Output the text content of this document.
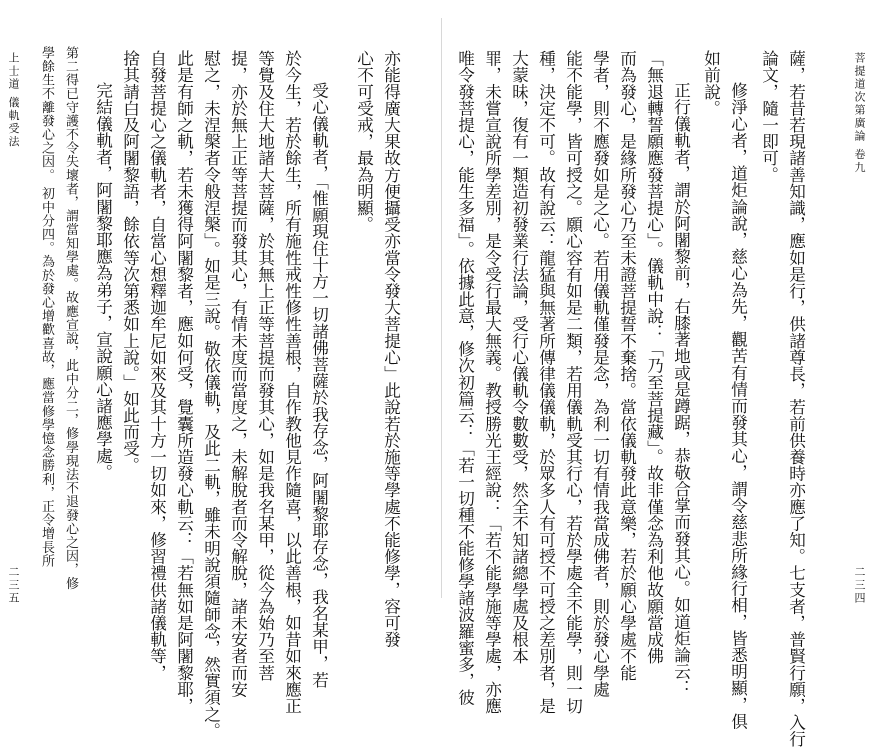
上士道 儀軌受法
二三五
學餘生不離發心之因。 初中分四。為於發心增歡喜故，應當修學憶念勝利，正令增長所 第二得已守護不令失壞者，謂當知學處。故應宣說，此中分二，修學現法不退發心之因，修 完結儀軌者，阿闍黎耶應為弟子，宣說願心諸應學處。 捨其請白及阿闍黎語，餘依等次第悉如上說。」如此而受。 自發菩提心之儀軌者，自當心想釋迦牟尼如來及其十方一切如來，修習禮供諸儀軌等， 此是有師之軌，若未獲得阿闍黎者，應如何受，覺囊所造發心軌云：「若無如是阿闍黎耶， 慰之，未涅槃者令般涅槃」。如是三說。敬依儀軌，及此二軌，雖未明說須隨師念，然實須之。 提，亦於無上正等菩提而發其心，有情未度而當度之，未解脫者而令解脫，諸未安者而安 等覺及住大地諸大菩薩，於其無上正等菩提而發其心，如是我名某甲，從今為始乃至菩 於今生，若於餘生，所有施性戒性修性善根，自作教他見作隨喜，以此善根，如昔如來應正 受心儀軌者，「惟願現住十方一切諸佛菩薩於我存念，阿闍黎耶存念，我名某甲，若 心不可受戒，最為明顯。 亦能得廣大果故方便攝受亦當令發大菩提心」此說若於施等學處不能修學，容可發	唯令發菩提心，能生多福」。依據此意，修次初篇云：「若一切種不能修學諸波羅蜜多，彼 罪，未嘗宣說所學差別，是令受行最大無義。教授勝光王經說：「若不能學施等學處，亦應 大蒙昧，復有一類造初發業行法論，受行心儀軌令數數受，然全不知諸總學處及根本 種，決定不可。故有說云：龍猛與無著所傳律儀儀軌，於眾多人有可授不可授之差別者，是 能不能學，皆可授之。願心容有如是二類，若用儀軌受其行心，若於學處全不能學，則一切 學者，則不應發如是之心。若用儀軌僅發是念，為利一切有情我當成佛者，則於發心學處 而為發心，是緣所發心乃至未證菩提誓不棄捨。當依儀軌發此意樂，若於願心學處不能 「無退轉誓願應發菩提心」。儀軌中說：「乃至菩提藏」。故非僅念為利他故願當成佛 正行儀軌者，謂於阿闍黎前，右膝著地或是蹲踞，恭敬合掌而發其心。如道炬論云： 如前說。 修淨心者，道炬論說，慈心為先，觀苦有情而發其心，謂令慈悲所緣行相，皆悉明顯，俱 論文，隨一即可。 薩，若昔若現諸善知識，應如是行，供諸尊長，若前供養時亦應了知。七支者，普賢行願，入行	菩提道次第廣論 卷九
二三四
